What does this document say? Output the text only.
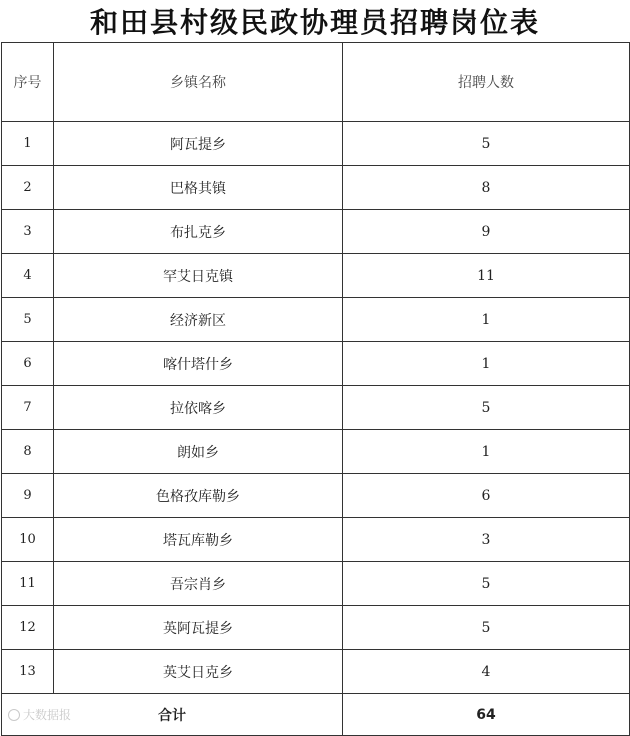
和田县村级民政协理员招聘岗位表
序号	乡镇名称	招聘人数
1	阿瓦提乡	5
2	巴格其镇	8
3	布扎克乡	9
4	罕艾日克镇	11
5	经济新区	1
6	喀什塔什乡	1
7	拉依喀乡	5
8	朗如乡	1
9	色格孜库勒乡	6
10	塔瓦库勒乡	3
11	吾宗肖乡	5
12	英阿瓦提乡	5
13	英艾日克乡	4
合计		64
大数据报
